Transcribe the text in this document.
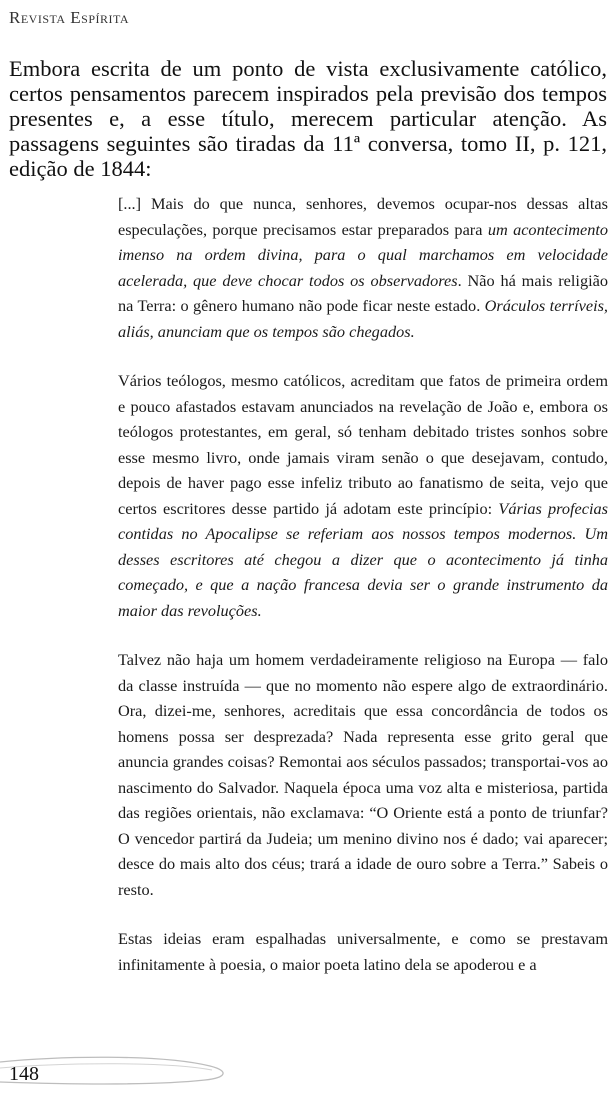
Revista Espírita

Embora escrita de um ponto de vista exclusivamente católico, certos pensamentos parecem inspirados pela previsão dos tempos presentes e, a esse título, merecem particular atenção. As passagens seguintes são tiradas da 11ª conversa, tomo II, p. 121, edição de 1844:

[...] Mais do que nunca, senhores, devemos ocupar-nos dessas altas especulações, porque precisamos estar preparados para um acontecimento imenso na ordem divina, para o qual marchamos em velocidade acelerada, que deve chocar todos os observadores. Não há mais religião na Terra: o gênero humano não pode ficar neste estado. Oráculos terríveis, aliás, anunciam que os tempos são chegados.

Vários teólogos, mesmo católicos, acreditam que fatos de primeira ordem e pouco afastados estavam anunciados na revelação de João e, embora os teólogos protestantes, em geral, só tenham debitado tristes sonhos sobre esse mesmo livro, onde jamais viram senão o que desejavam, contudo, depois de haver pago esse infeliz tributo ao fanatismo de seita, vejo que certos escritores desse partido já adotam este princípio: Várias profecias contidas no Apocalipse se referiam aos nossos tempos modernos. Um desses escritores até chegou a dizer que o acontecimento já tinha começado, e que a nação francesa devia ser o grande instrumento da maior das revoluções.

Talvez não haja um homem verdadeiramente religioso na Europa — falo da classe instruída — que no momento não espere algo de extraordinário. Ora, dizei-me, senhores, acreditais que essa concordância de todos os homens possa ser desprezada? Nada representa esse grito geral que anuncia grandes coisas? Remontai aos séculos passados; transportai-vos ao nascimento do Salvador. Naquela época uma voz alta e misteriosa, partida das regiões orientais, não exclamava: “O Oriente está a ponto de triunfar? O vencedor partirá da Judeia; um menino divino nos é dado; vai aparecer; desce do mais alto dos céus; trará a idade de ouro sobre a Terra.” Sabeis o resto.

Estas ideias eram espalhadas universalmente, e como se prestavam infinitamente à poesia, o maior poeta latino dela se apoderou e a

148
